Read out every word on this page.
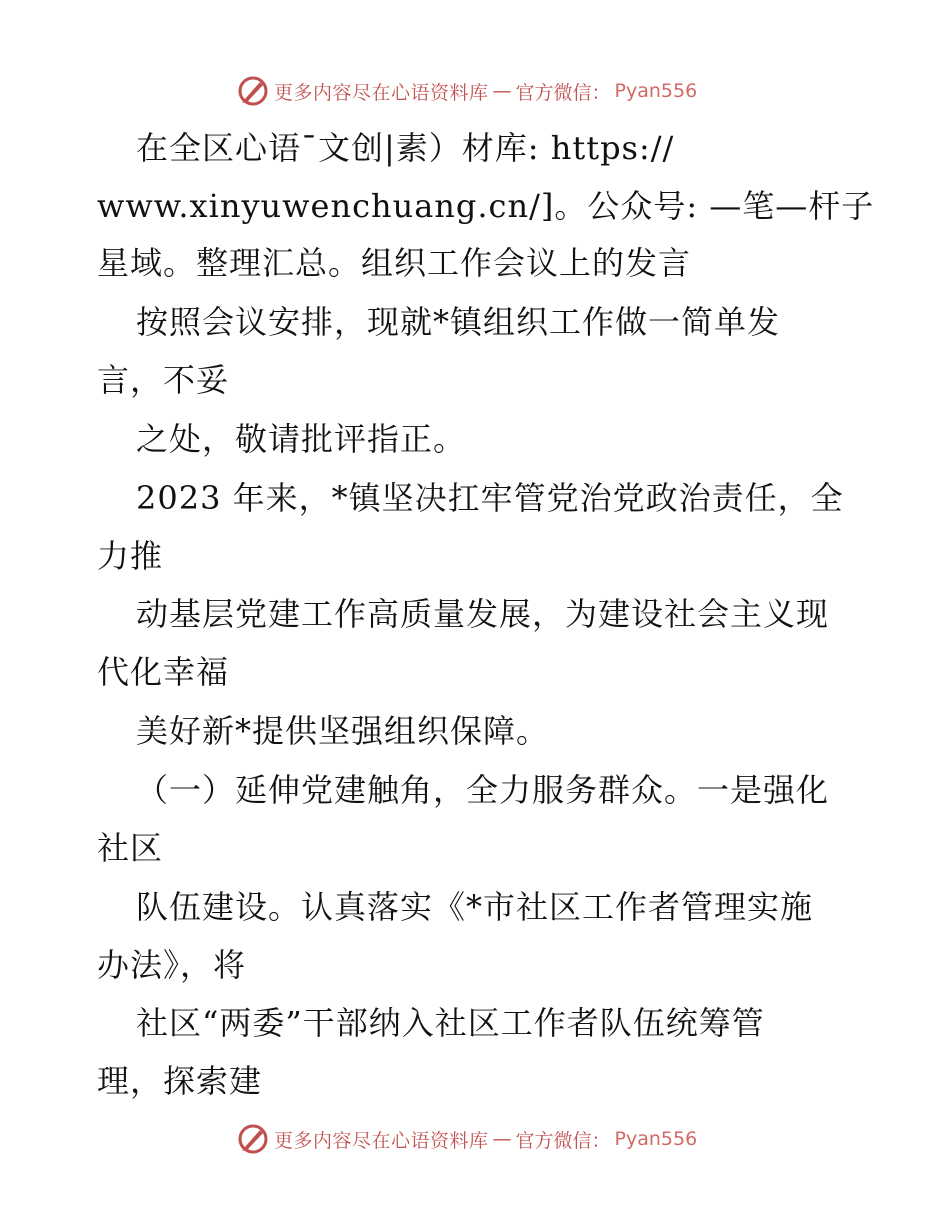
更多内容尽在心语资料库 — 官方微信： Pyan556
在全区心语¯文创|素）材库: https://
www.xinyuwenchuang.cn/]。公众号: —笔—杆子
星域。整理汇总。组织工作会议上的发言
按照会议安排，现就*镇组织工作做一简单发
言，不妥
之处，敬请批评指正。
2023 年来，*镇坚决扛牢管党治党政治责任，全
力推
动基层党建工作高质量发展，为建设社会主义现
代化幸福
美好新*提供坚强组织保障。
（一）延伸党建触角，全力服务群众。一是强化
社区
队伍建设。认真落实《*市社区工作者管理实施
办法》，将
社区“两委”干部纳入社区工作者队伍统筹管
理，探索建
更多内容尽在心语资料库 — 官方微信： Pyan556
